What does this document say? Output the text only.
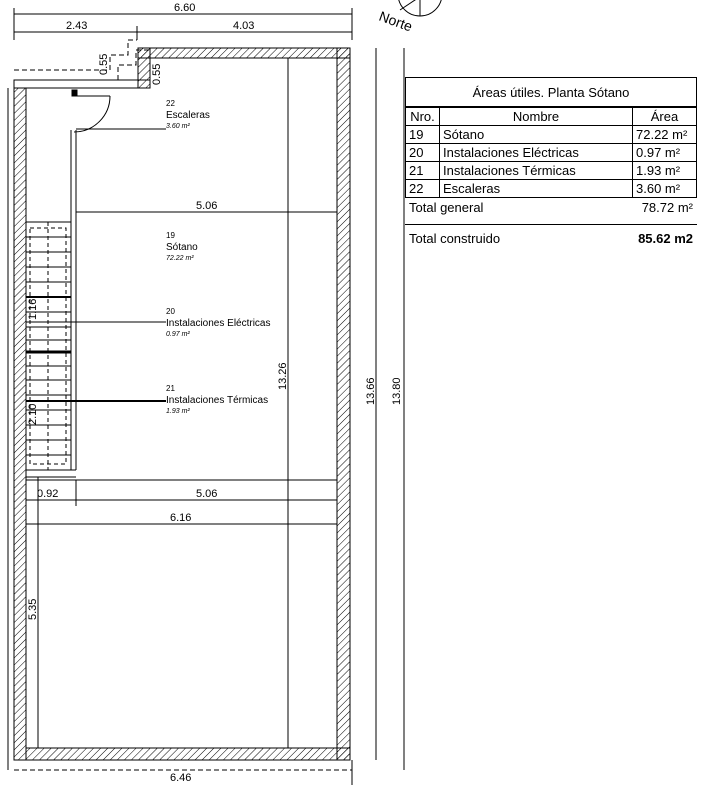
Norte
6.60
2.43	4.03
0.55	0.55
1.16
2.10
5.06
0.92	5.06
6.16
6.46
13.26
13.66 13.80
5.35
22
Escaleras
3.60 m²
19
Sótano
72.22 m²
20
Instalaciones Eléctricas
0.97 m²
21
Instalaciones Térmicas
1.93 m²
Áreas útiles. Planta Sótano
Nro.	Nombre	Área
19	Sótano	72.22 m²
20	Instalaciones Eléctricas	0.97 m²
21	Instalaciones Térmicas	1.93 m²
22	Escaleras	3.60 m²
Total general	78.72 m²
Total construido	85.62 m2
